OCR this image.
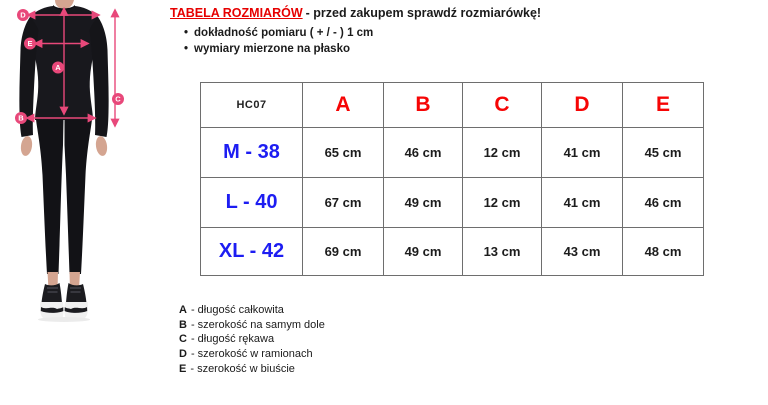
D
E
A
B
C
TABELA ROZMIARÓW - przed zakupem sprawdź rozmiarówkę!
• dokładność pomiaru ( + / - ) 1 cm
• wymiary mierzone na płasko
HC07	A	B	C	D	E
M - 38	65 cm	46 cm	12 cm	41 cm	45 cm
L - 40	67 cm	49 cm	12 cm	41 cm	46 cm
XL - 42	69 cm	49 cm	13 cm	43 cm	48 cm
A - długość całkowita
B - szerokość na samym dole
C - długość rękawa
D - szerokość w ramionach
E - szerokość w biuście
